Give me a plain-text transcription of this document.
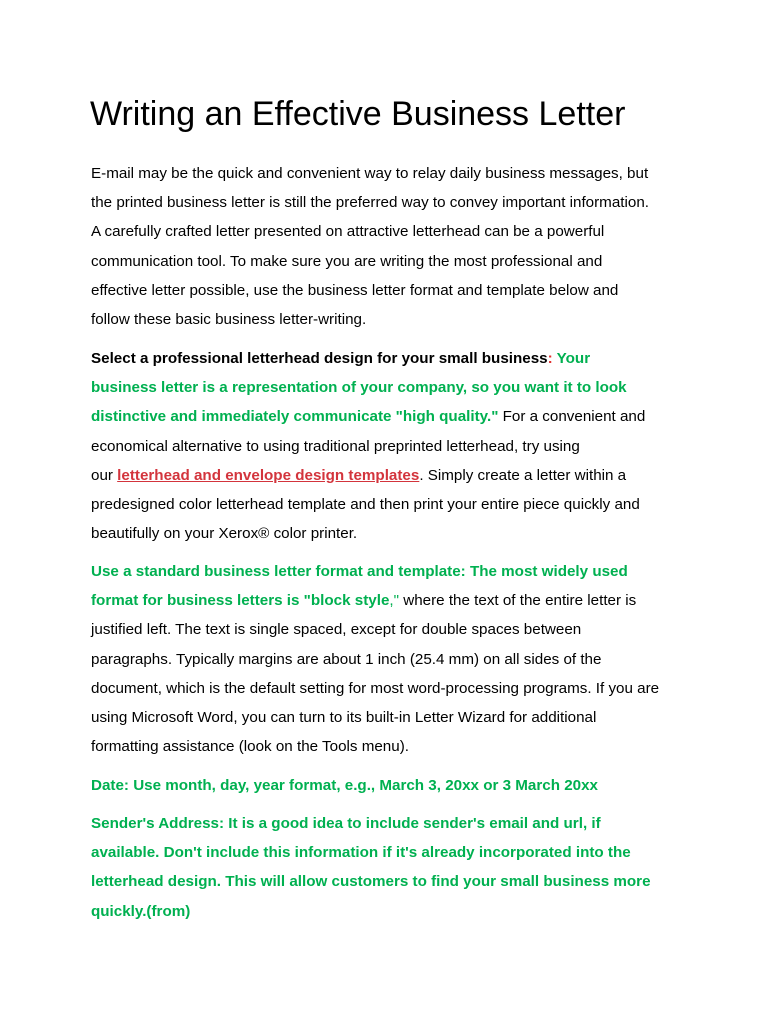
Writing an Effective Business Letter
E-mail may be the quick and convenient way to relay daily business messages, but
the printed business letter is still the preferred way to convey important information.
A carefully crafted letter presented on attractive letterhead can be a powerful
communication tool. To make sure you are writing the most professional and
effective letter possible, use the business letter format and template below and
follow these basic business letter-writing.
Select a professional letterhead design for your small business: Your
business letter is a representation of your company, so you want it to look
distinctive and immediately communicate "high quality." For a convenient and
economical alternative to using traditional preprinted letterhead, try using
our letterhead and envelope design templates. Simply create a letter within a
predesigned color letterhead template and then print your entire piece quickly and
beautifully on your Xerox® color printer.
Use a standard business letter format and template: The most widely used
format for business letters is "block style," where the text of the entire letter is
justified left. The text is single spaced, except for double spaces between
paragraphs. Typically margins are about 1 inch (25.4 mm) on all sides of the
document, which is the default setting for most word-processing programs. If you are
using Microsoft Word, you can turn to its built-in Letter Wizard for additional
formatting assistance (look on the Tools menu).
Date: Use month, day, year format, e.g., March 3, 20xx or 3 March 20xx
Sender's Address: It is a good idea to include sender's email and url, if
available. Don't include this information if it's already incorporated into the
letterhead design. This will allow customers to find your small business more
quickly.(from)
